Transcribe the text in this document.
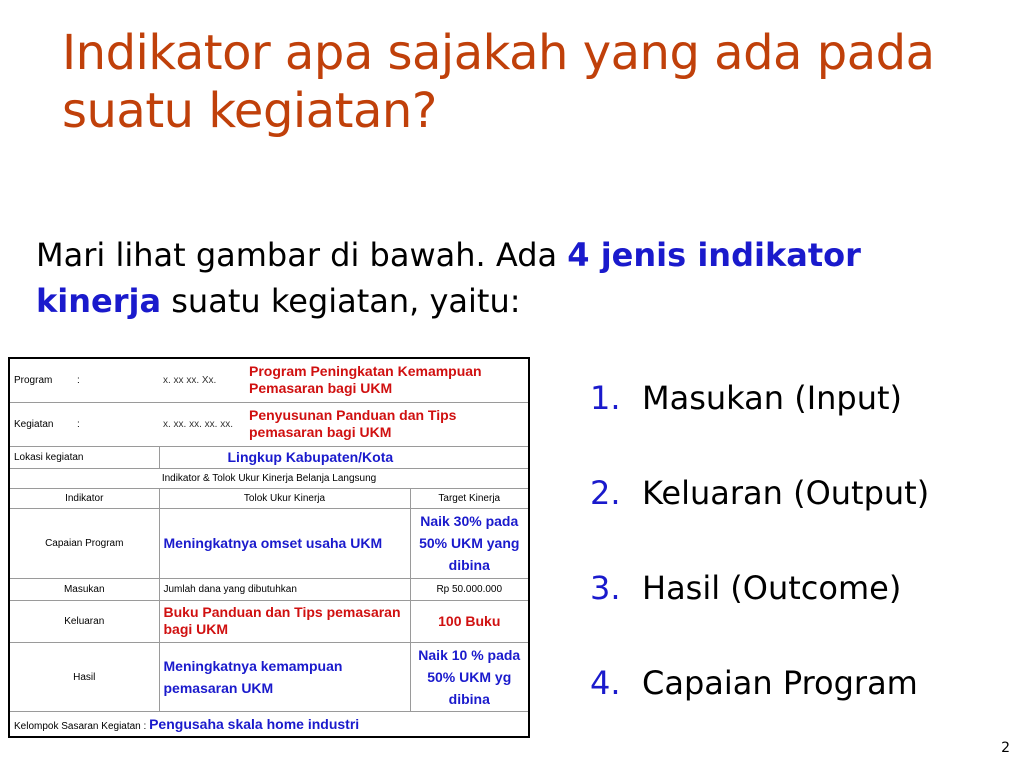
Indikator apa sajakah yang ada pada suatu kegiatan?

Mari lihat gambar di bawah. Ada 4 jenis indikator kinerja suatu kegiatan, yaitu:

Program	:	x. xx xx. Xx.	Program Peningkatan Kemampuan Pemasaran bagi UKM	
Kegiatan	:	x. xx. xx. xx. xx.	Penyusunan Panduan dan Tips pemasaran bagi UKM	
Lokasi kegiatan		Lingkup Kabupaten/Kota		
Indikator & Tolok Ukur Kinerja Belanja Langsung				
Indikator		Tolok Ukur Kinerja		Target Kinerja
Capaian Program		Meningkatnya omset usaha UKM		Naik 30% pada 50% UKM yang dibina
Masukan		Jumlah dana yang dibutuhkan		Rp 50.000.000
Keluaran		Buku Panduan dan Tips pemasaran bagi UKM		100 Buku
Hasil		Meningkatnya kemampuan pemasaran UKM		Naik 10 % pada 50% UKM yg dibina
Kelompok Sasaran Kegiatan : Pengusaha skala home industri				
1. Masukan (Input)
2. Keluaran (Output)
3. Hasil (Outcome)
4. Capaian Program
2
